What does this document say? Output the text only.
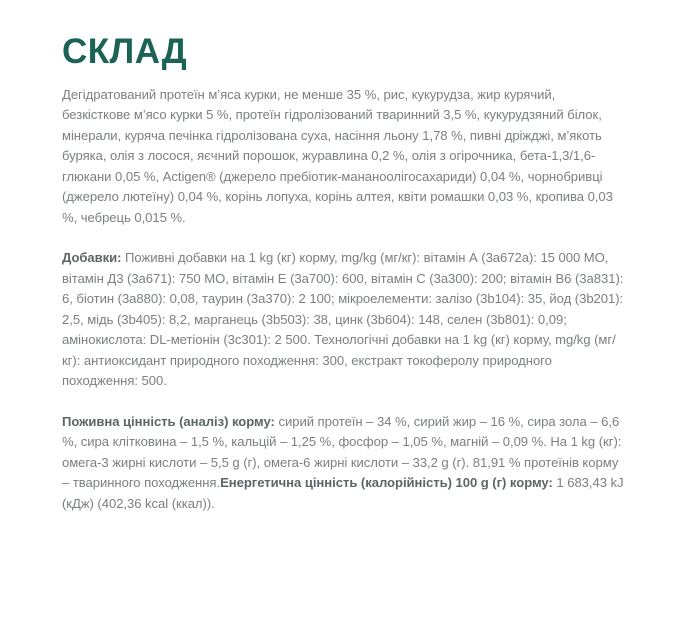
СКЛАД

Дегідратований протеїн м’яса курки, не менше 35 %, рис, кукурудза, жир курячий, безкісткове м’ясо курки 5 %, протеїн гідролізований тваринний 3,5 %, кукурудзяний білок, мінерали, куряча печінка гідролізована суха, насіння льону 1,78 %, пивні дріжджі, м’якоть буряка, олія з лосося, яєчний порошок, журавлина 0,2 %, олія з огірочника, бета-1,3/1,6-глюкани 0,05 %, Actigen® (джерело пребіотик-мананоолігосахариди) 0,04 %, чорнобривці (джерело лютеїну) 0,04 %, корінь лопуха, корінь алтея, квіти ромашки 0,03 %, кропива 0,03 %, чебрець 0,015 %.

Добавки: Поживні добавки на 1 kg (кг) корму, mg/kg (мг/кг): вітамін А (3a672a): 15 000 МО, вітамін Д3 (3a671): 750 МО, вітамін Е (3a700): 600, вітамін С (3a300): 200; вітамін В6 (3a831): 6, біотин (3a880): 0,08, таурин (3a370): 2 100; мікроелементи: залізо (3b104): 35, йод (3b201): 2,5, мідь (3b405): 8,2, марганець (3b503): 38, цинк (3b604): 148, селен (3b801): 0,09; амінокислота: DL-метіонін (3c301): 2 500. Технологічні добавки на 1 kg (кг) корму, mg/kg (мг/кг): антиоксидант природного походження: 300, екстракт токоферолу природного походження: 500.

Поживна цінність (аналіз) корму: сирий протеїн – 34 %, сирий жир – 16 %, сира зола – 6,6 %, сира клітковина – 1,5 %, кальцій – 1,25 %, фосфор – 1,05 %, магній – 0,09 %. На 1 kg (кг): омега-3 жирні кислоти – 5,5 g (г), омега-6 жирні кислоти – 33,2 g (г). 81,91 % протеїнів корму – тваринного походження.Енергетична цінність (калорійність) 100 g (г) корму: 1 683,43 kJ (кДж) (402,36 kcal (ккал)).
